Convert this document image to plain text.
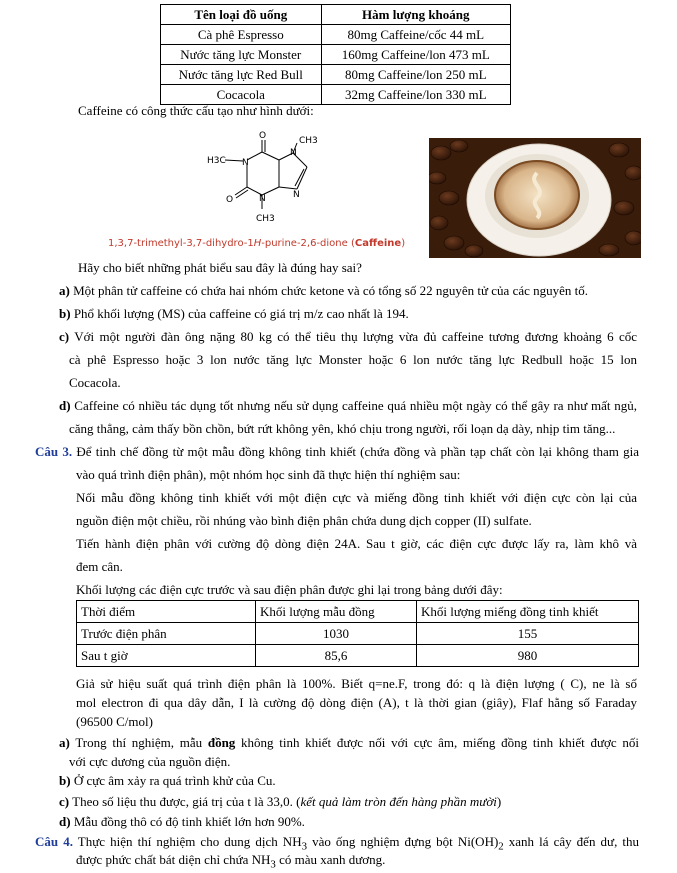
Tên loại đồ uống	Hàm lượng khoáng
Cà phê Espresso	80mg Caffeine/cốc 44 mL
Nước tăng lực Monster	160mg Caffeine/lon 473 mL
Nước tăng lực Red Bull	80mg Caffeine/lon 250 mL
Cocacola	32mg Caffeine/lon 330 mL
Caffeine có công thức cấu tạo như hình dưới:
O	CH3
H3C N
N
O	N	N
CH3
1,3,7-trimethyl-3,7-dihydro-1H-purine-2,6-dione (Caffeine)
Hãy cho biết những phát biểu sau đây là đúng hay sai?
a) Một phân tử caffeine có chứa hai nhóm chức ketone và có tổng số 22 nguyên tử của các nguyên tố.
b) Phổ khối lượng (MS) của caffeine có giá trị m/z cao nhất là 194.
c) Với một người đàn ông nặng 80 kg có thể tiêu thụ lượng vừa đủ caffeine tương đương khoảng 6 cốc
cà phê Espresso hoặc 3 lon nước tăng lực Monster hoặc 6 lon nước tăng lực Redbull hoặc 15 lon
Cocacola.
d) Caffeine có nhiều tác dụng tốt nhưng nếu sử dụng caffeine quá nhiều một ngày có thể gây ra như mất ngủ,
căng thẳng, cảm thấy bồn chồn, bứt rứt không yên, khó chịu trong người, rối loạn dạ dày, nhịp tim tăng...
Câu 3. Để tinh chế đồng từ một mẫu đồng không tinh khiết (chứa đồng và phần tạp chất còn lại không tham gia
vào quá trình điện phân), một nhóm học sinh đã thực hiện thí nghiệm sau:
Nối mẫu đồng không tinh khiết với một điện cực và miếng đồng tinh khiết với điện cực còn lại của
nguồn điện một chiều, rồi nhúng vào bình điện phân chứa dung dịch copper (II) sulfate.
Tiến hành điện phân với cường độ dòng điện 24A. Sau t giờ, các điện cực được lấy ra, làm khô và
đem cân.
Khối lượng các điện cực trước và sau điện phân được ghi lại trong bảng dưới đây:
Thời điểm	Khối lượng mẫu đồng	Khối lượng miếng đồng tinh khiết
Trước điện phân	1030	155
Sau t giờ	85,6	980
Giả sử hiệu suất quá trình điện phân là 100%. Biết q=ne.F, trong đó: q là điện lượng ( C), ne là số
mol electron đi qua dây dẫn, I là cường độ dòng điện (A), t là thời gian (giây), Flaf hằng số Faraday
(96500 C/mol)
a) Trong thí nghiệm, mẫu đồng không tinh khiết được nối với cực âm, miếng đồng tinh khiết được nối
với cực dương của nguồn điện.
b) Ở cực âm xảy ra quá trình khử của Cu.
c) Theo số liệu thu được, giá trị của t là 33,0. (kết quả làm tròn đến hàng phần mười)
d) Mẫu đồng thô có độ tinh khiết lớn hơn 90%.
Câu 4. Thực hiện thí nghiệm cho dung dịch $NH_3$ vào ống nghiệm đựng bột $Ni(OH)_2$ xanh lá cây đến dư, thu
được phức chất bát diện chỉ chứa $NH_3$ có màu xanh dương.
